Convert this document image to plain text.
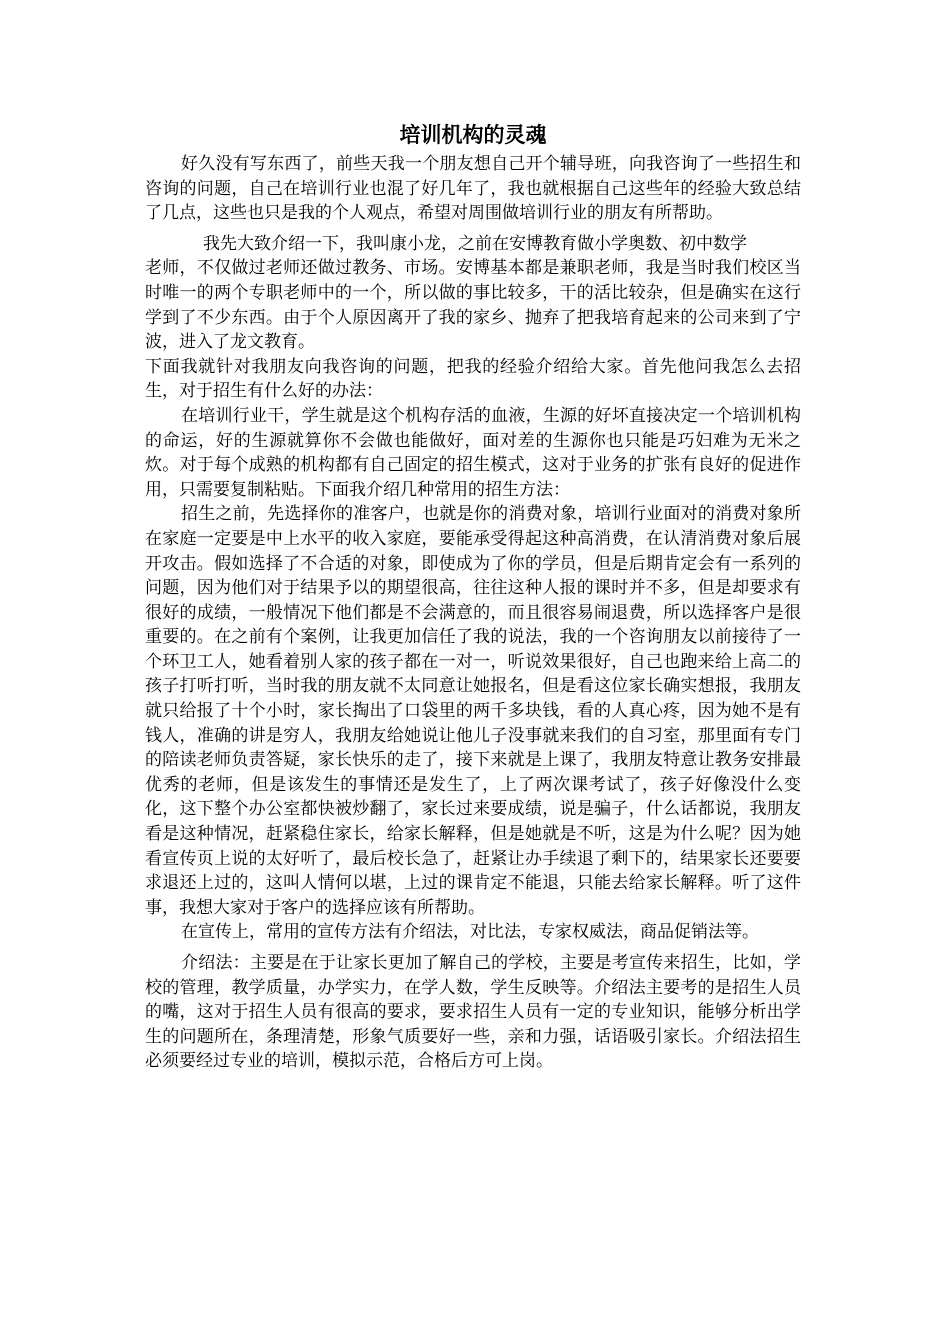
培训机构的灵魂

好久没有写东西了，前些天我一个朋友想自己开个辅导班，向我咨询了一些招生和咨询的问题，自己在培训行业也混了好几年了，我也就根据自己这些年的经验大致总结了几点，这些也只是我的个人观点，希望对周围做培训行业的朋友有所帮助。

我先大致介绍一下，我叫康小龙，之前在安博教育做小学奥数、初中数学

老师，不仅做过老师还做过教务、市场。安博基本都是兼职老师，我是当时我们校区当时唯一的两个专职老师中的一个，所以做的事比较多，干的活比较杂，但是确实在这行学到了不少东西。由于个人原因离开了我的家乡、抛弃了把我培育起来的公司来到了宁波，进入了龙文教育。

下面我就针对我朋友向我咨询的问题，把我的经验介绍给大家。首先他问我怎么去招生，对于招生有什么好的办法：

在培训行业干，学生就是这个机构存活的血液，生源的好坏直接决定一个培训机构的命运，好的生源就算你不会做也能做好，面对差的生源你也只能是巧妇难为无米之炊。对于每个成熟的机构都有自己固定的招生模式，这对于业务的扩张有良好的促进作用，只需要复制粘贴。下面我介绍几种常用的招生方法：

招生之前，先选择你的准客户，也就是你的消费对象，培训行业面对的消费对象所在家庭一定要是中上水平的收入家庭，要能承受得起这种高消费，在认清消费对象后展开攻击。假如选择了不合适的对象，即使成为了你的学员，但是后期肯定会有一系列的问题，因为他们对于结果予以的期望很高，往往这种人报的课时并不多，但是却要求有很好的成绩，一般情况下他们都是不会满意的，而且很容易闹退费，所以选择客户是很重要的。在之前有个案例，让我更加信任了我的说法，我的一个咨询朋友以前接待了一个环卫工人，她看着别人家的孩子都在一对一，听说效果很好，自己也跑来给上高二的孩子打听打听，当时我的朋友就不太同意让她报名，但是看这位家长确实想报，我朋友就只给报了十个小时，家长掏出了口袋里的两千多块钱，看的人真心疼，因为她不是有钱人，准确的讲是穷人，我朋友给她说让他儿子没事就来我们的自习室，那里面有专门的陪读老师负责答疑，家长快乐的走了，接下来就是上课了，我朋友特意让教务安排最优秀的老师，但是该发生的事情还是发生了，上了两次课考试了，孩子好像没什么变化，这下整个办公室都快被炒翻了，家长过来要成绩，说是骗子，什么话都说，我朋友看是这种情况，赶紧稳住家长，给家长解释，但是她就是不听，这是为什么呢？因为她看宣传页上说的太好听了，最后校长急了，赶紧让办手续退了剩下的，结果家长还要要求退还上过的，这叫人情何以堪，上过的课肯定不能退，只能去给家长解释。听了这件事，我想大家对于客户的选择应该有所帮助。

在宣传上，常用的宣传方法有介绍法，对比法，专家权威法，商品促销法等。

介绍法：主要是在于让家长更加了解自己的学校，主要是考宣传来招生，比如，学校的管理，教学质量，办学实力，在学人数，学生反映等。介绍法主要考的是招生人员的嘴，这对于招生人员有很高的要求，要求招生人员有一定的专业知识，能够分析出学生的问题所在，条理清楚，形象气质要好一些，亲和力强，话语吸引家长。介绍法招生必须要经过专业的培训，模拟示范，合格后方可上岗。
